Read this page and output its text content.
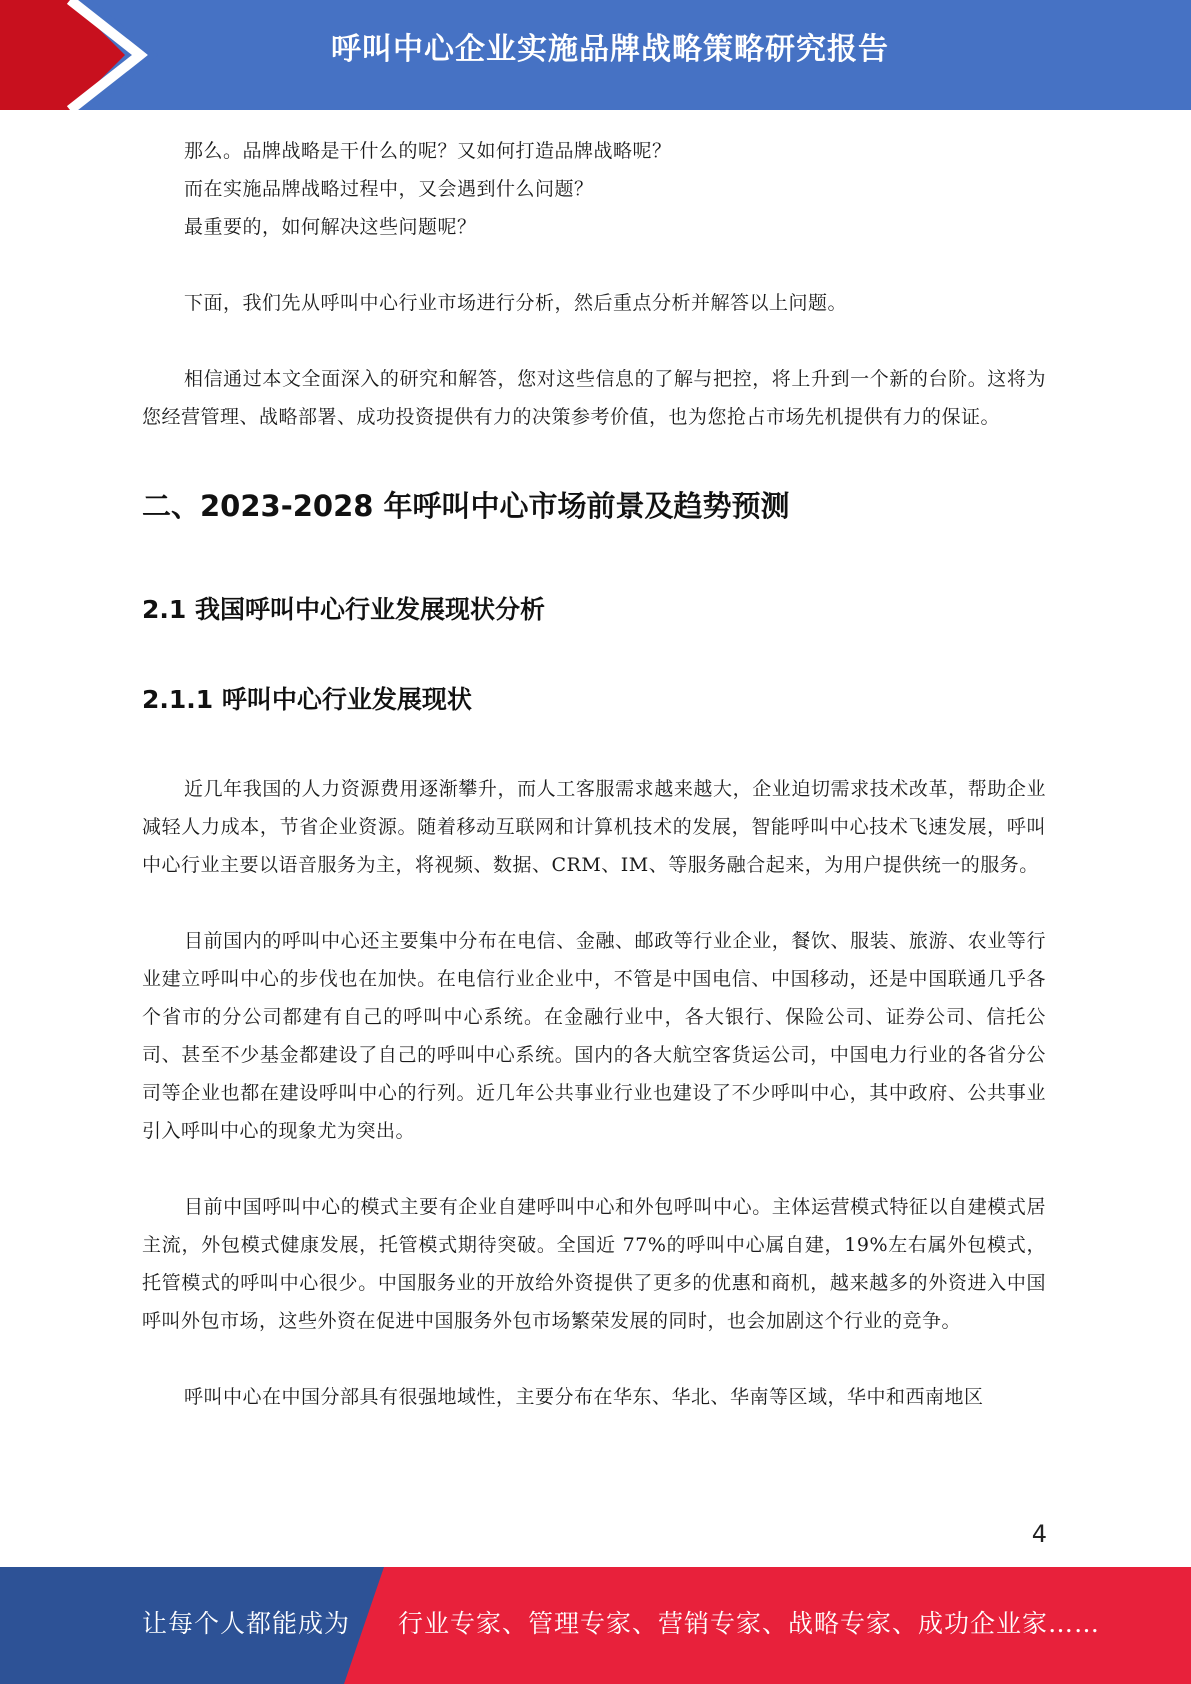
呼叫中心企业实施品牌战略策略研究报告

那么。品牌战略是干什么的呢？又如何打造品牌战略呢？

而在实施品牌战略过程中，又会遇到什么问题？

最重要的，如何解决这些问题呢？

下面，我们先从呼叫中心行业市场进行分析，然后重点分析并解答以上问题。

相信通过本文全面深入的研究和解答，您对这些信息的了解与把控，将上升到一个新的台阶。这将为您经营管理、战略部署、成功投资提供有力的决策参考价值，也为您抢占市场先机提供有力的保证。

二、2023-2028 年呼叫中心市场前景及趋势预测
2.1 我国呼叫中心行业发展现状分析
2.1.1 呼叫中心行业发展现状

近几年我国的人力资源费用逐渐攀升，而人工客服需求越来越大，企业迫切需求技术改革，帮助企业减轻人力成本，节省企业资源。随着移动互联网和计算机技术的发展，智能呼叫中心技术飞速发展，呼叫中心行业主要以语音服务为主，将视频、数据、CRM、IM、等服务融合起来，为用户提供统一的服务。

目前国内的呼叫中心还主要集中分布在电信、金融、邮政等行业企业，餐饮、服装、旅游、农业等行业建立呼叫中心的步伐也在加快。在电信行业企业中，不管是中国电信、中国移动，还是中国联通几乎各个省市的分公司都建有自己的呼叫中心系统。在金融行业中，各大银行、保险公司、证券公司、信托公司、甚至不少基金都建设了自己的呼叫中心系统。国内的各大航空客货运公司，中国电力行业的各省分公司等企业也都在建设呼叫中心的行列。近几年公共事业行业也建设了不少呼叫中心，其中政府、公共事业引入呼叫中心的现象尤为突出。

目前中国呼叫中心的模式主要有企业自建呼叫中心和外包呼叫中心。主体运营模式特征以自建模式居主流，外包模式健康发展，托管模式期待突破。全国近 77%的呼叫中心属自建，19%左右属外包模式，托管模式的呼叫中心很少。中国服务业的开放给外资提供了更多的优惠和商机，越来越多的外资进入中国呼叫外包市场，这些外资在促进中国服务外包市场繁荣发展的同时，也会加剧这个行业的竞争。

呼叫中心在中国分部具有很强地域性，主要分布在华东、华北、华南等区域，华中和西南地区

4
让每个人都能成为 行业专家、管理专家、营销专家、战略专家、成功企业家……
